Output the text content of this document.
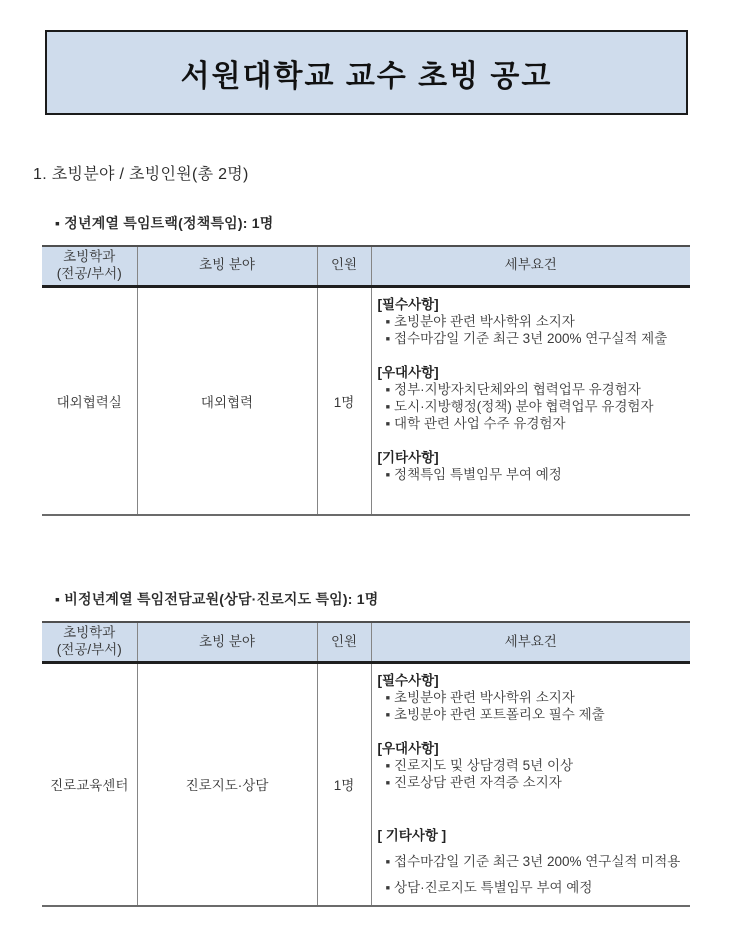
서원대학교 교수 초빙 공고
1. 초빙분야 / 초빙인원(총 2명)
▪ 정년계열 특임트랙(정책특임): 1명
초빙학과
(전공/부서)	초빙 분야	인원	세부요건
대외협력실	대외협력	1명	
[필수사항]
▪ 초빙분야 관련 박사학위 소지자
▪ 접수마감일 기준 최근 3년 200% 연구실적 제출
[우대사항]
▪ 정부·지방자치단체와의 협력업무 유경험자
▪ 도시·지방행정(정책) 분야 협력업무 유경험자
▪ 대학 관련 사업 수주 유경험자
[기타사항]
▪ 정책특임 특별임무 부여 예정
▪ 비정년계열 특임전담교원(상담·진로지도 특임): 1명
초빙학과
(전공/부서)	초빙 분야	인원	세부요건
진로교육센터	진로지도·상담	1명	
[필수사항]
▪ 초빙분야 관련 박사학위 소지자
▪ 초빙분야 관련 포트폴리오 필수 제출
[우대사항]
▪ 진로지도 및 상담경력 5년 이상
▪ 진로상담 관련 자격증 소지자
[ 기타사항 ]
▪ 접수마감일 기준 최근 3년 200% 연구실적 미적용
▪ 상담·진로지도 특별임무 부여 예정
